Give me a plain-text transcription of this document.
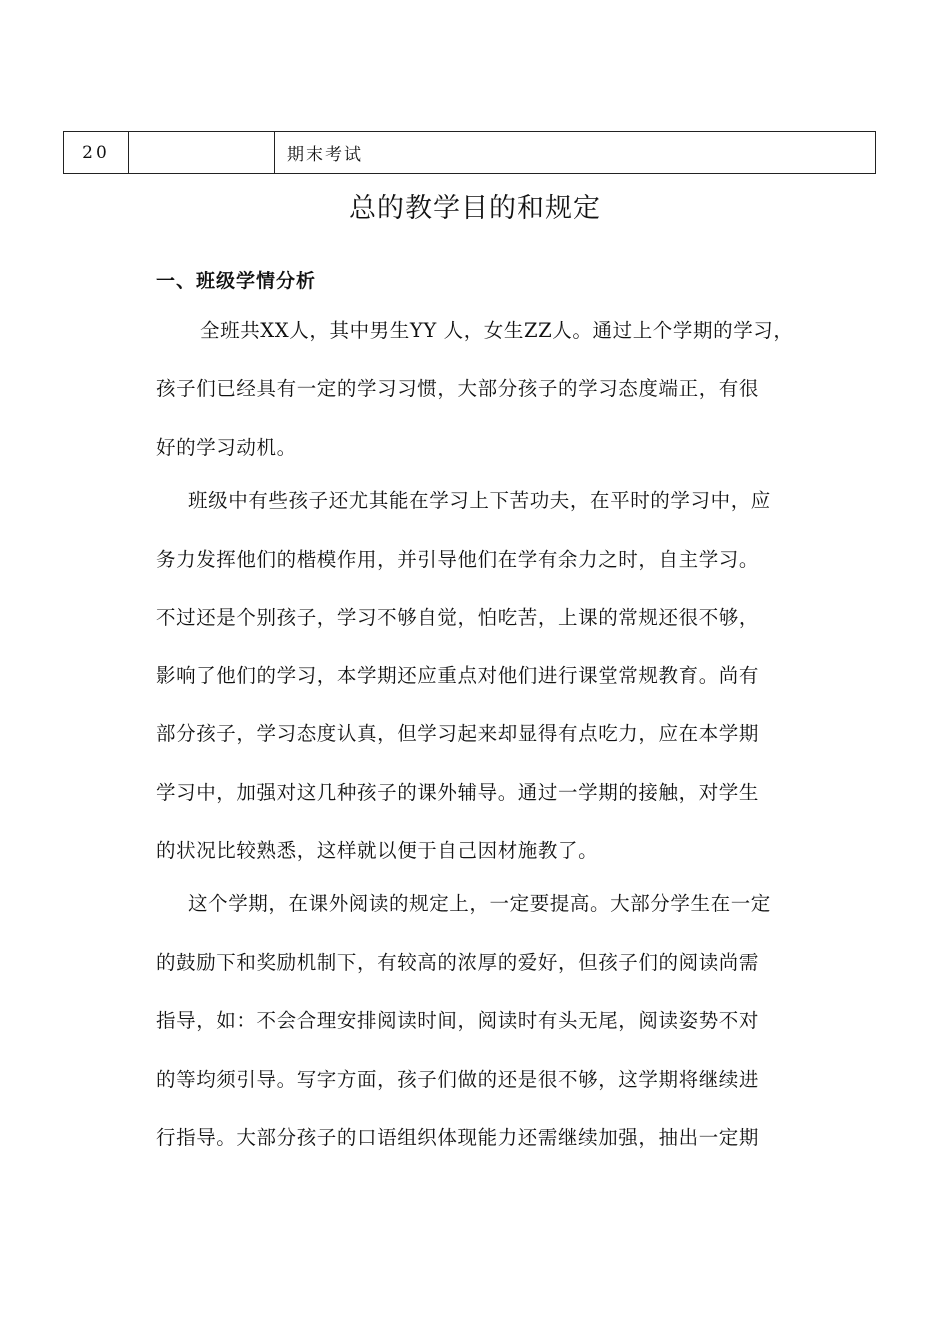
20		期末考试
总的教学目的和规定
一、班级学情分析

全班共XX人，其中男生YY 人，女生ZZ人。通过上个学期的学习，

孩子们已经具有一定的学习习惯，大部分孩子的学习态度端正，有很

好的学习动机。

班级中有些孩子还尤其能在学习上下苦功夫，在平时的学习中，应

务力发挥他们的楷模作用，并引导他们在学有余力之时，自主学习。

不过还是个别孩子，学习不够自觉，怕吃苦，上课的常规还很不够，

影响了他们的学习，本学期还应重点对他们进行课堂常规教育。尚有

部分孩子，学习态度认真，但学习起来却显得有点吃力，应在本学期

学习中，加强对这几种孩子的课外辅导。通过一学期的接触，对学生

的状况比较熟悉，这样就以便于自己因材施教了。

这个学期，在课外阅读的规定上，一定要提高。大部分学生在一定

的鼓励下和奖励机制下，有较高的浓厚的爱好，但孩子们的阅读尚需

指导，如：不会合理安排阅读时间，阅读时有头无尾，阅读姿势不对

的等均须引导。写字方面，孩子们做的还是很不够，这学期将继续进

行指导。大部分孩子的口语组织体现能力还需继续加强，抽出一定期
